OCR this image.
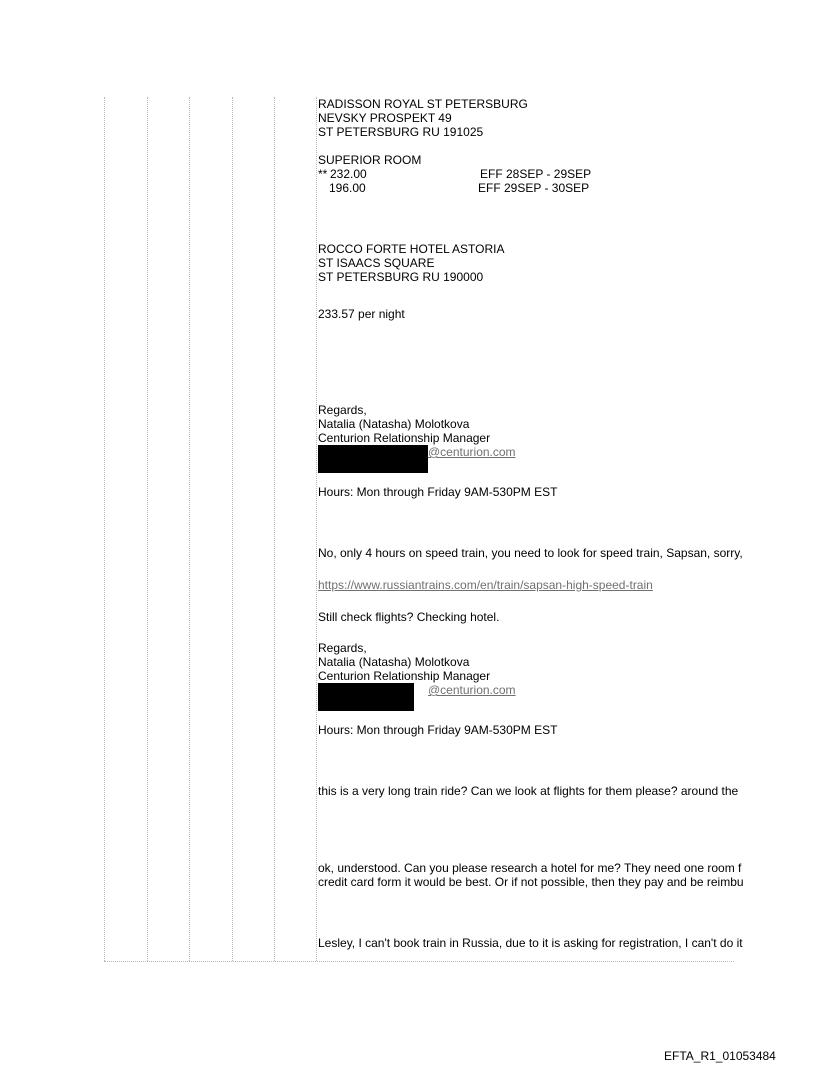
RADISSON ROYAL ST PETERSBURG
NEVSKY PROSPEKT 49
ST PETERSBURG RU 191025
SUPERIOR ROOM
** 232.00	EFF 28SEP - 29SEP
196.00	EFF 29SEP - 30SEP
ROCCO FORTE HOTEL ASTORIA
ST ISAACS SQUARE
ST PETERSBURG RU 190000
233.57 per night
Regards,
Natalia (Natasha) Molotkova
Centurion Relationship Manager
@centurion.com
Hours: Mon through Friday 9AM-530PM EST
No, only 4 hours on speed train, you need to look for speed train, Sapsan, sorry,
https://www.russiantrains.com/en/train/sapsan-high-speed-train
Still check flights? Checking hotel.
Regards,
Natalia (Natasha) Molotkova
Centurion Relationship Manager
@centurion.com
Hours: Mon through Friday 9AM-530PM EST
this is a very long train ride? Can we look at flights for them please? around the
ok, understood. Can you please research a hotel for me? They need one room f
credit card form it would be best. Or if not possible, then they pay and be reimbu
Lesley, I can't book train in Russia, due to it is asking for registration, I can't do it
EFTA_R1_01053484
